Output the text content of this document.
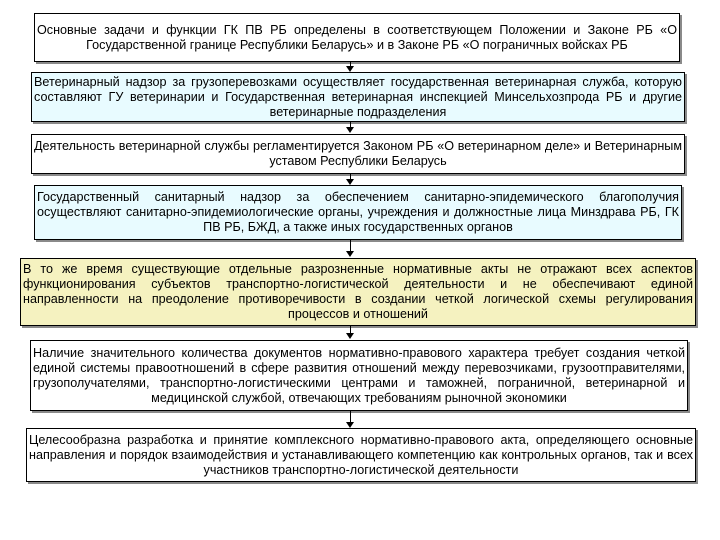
Основные задачи и функции ГК ПВ РБ определены в соответствующем Положении и Законе РБ «О Государственной границе Республики Беларусь» и в Законе РБ «О пограничных войсках РБ
Ветеринарный надзор за грузоперевозками осуществляет государственная ветеринарная служба, которую составляют ГУ ветеринарии и Государственная ветеринарная инспекцией Минсельхозпрода РБ и другие ветеринарные подразделения
Деятельность ветеринарной службы регламентируется Законом РБ «О ветеринарном деле» и Ветеринарным уставом Республики Беларусь
Государственный санитарный надзор за обеспечением санитарно-эпидемического благополучия осуществляют санитарно-эпидемиологические органы, учреждения и должностные лица Минздрава РБ, ГК ПВ РБ, БЖД, а также иных государственных органов
В то же время существующие отдельные разрозненные нормативные акты не отражают всех аспектов функционирования субъектов транспортно-логистической деятельности и не обеспечивают единой направленности на преодоление противоречивости в создании четкой логической схемы регулирования процессов и отношений
Наличие значительного количества документов нормативно-правового характера требует создания четкой единой системы правоотношений в сфере развития отношений между перевозчиками, грузоотправителями, грузополучателями, транспортно-логистическими центрами и таможней, пограничной, ветеринарной и медицинской службой, отвечающих требованиям рыночной экономики
Целесообразна разработка и принятие комплексного нормативно-правового акта, определяющего основные направления и порядок взаимодействия и устанавливающего компетенцию как контрольных органов, так и всех участников транспортно-логистической деятельности
